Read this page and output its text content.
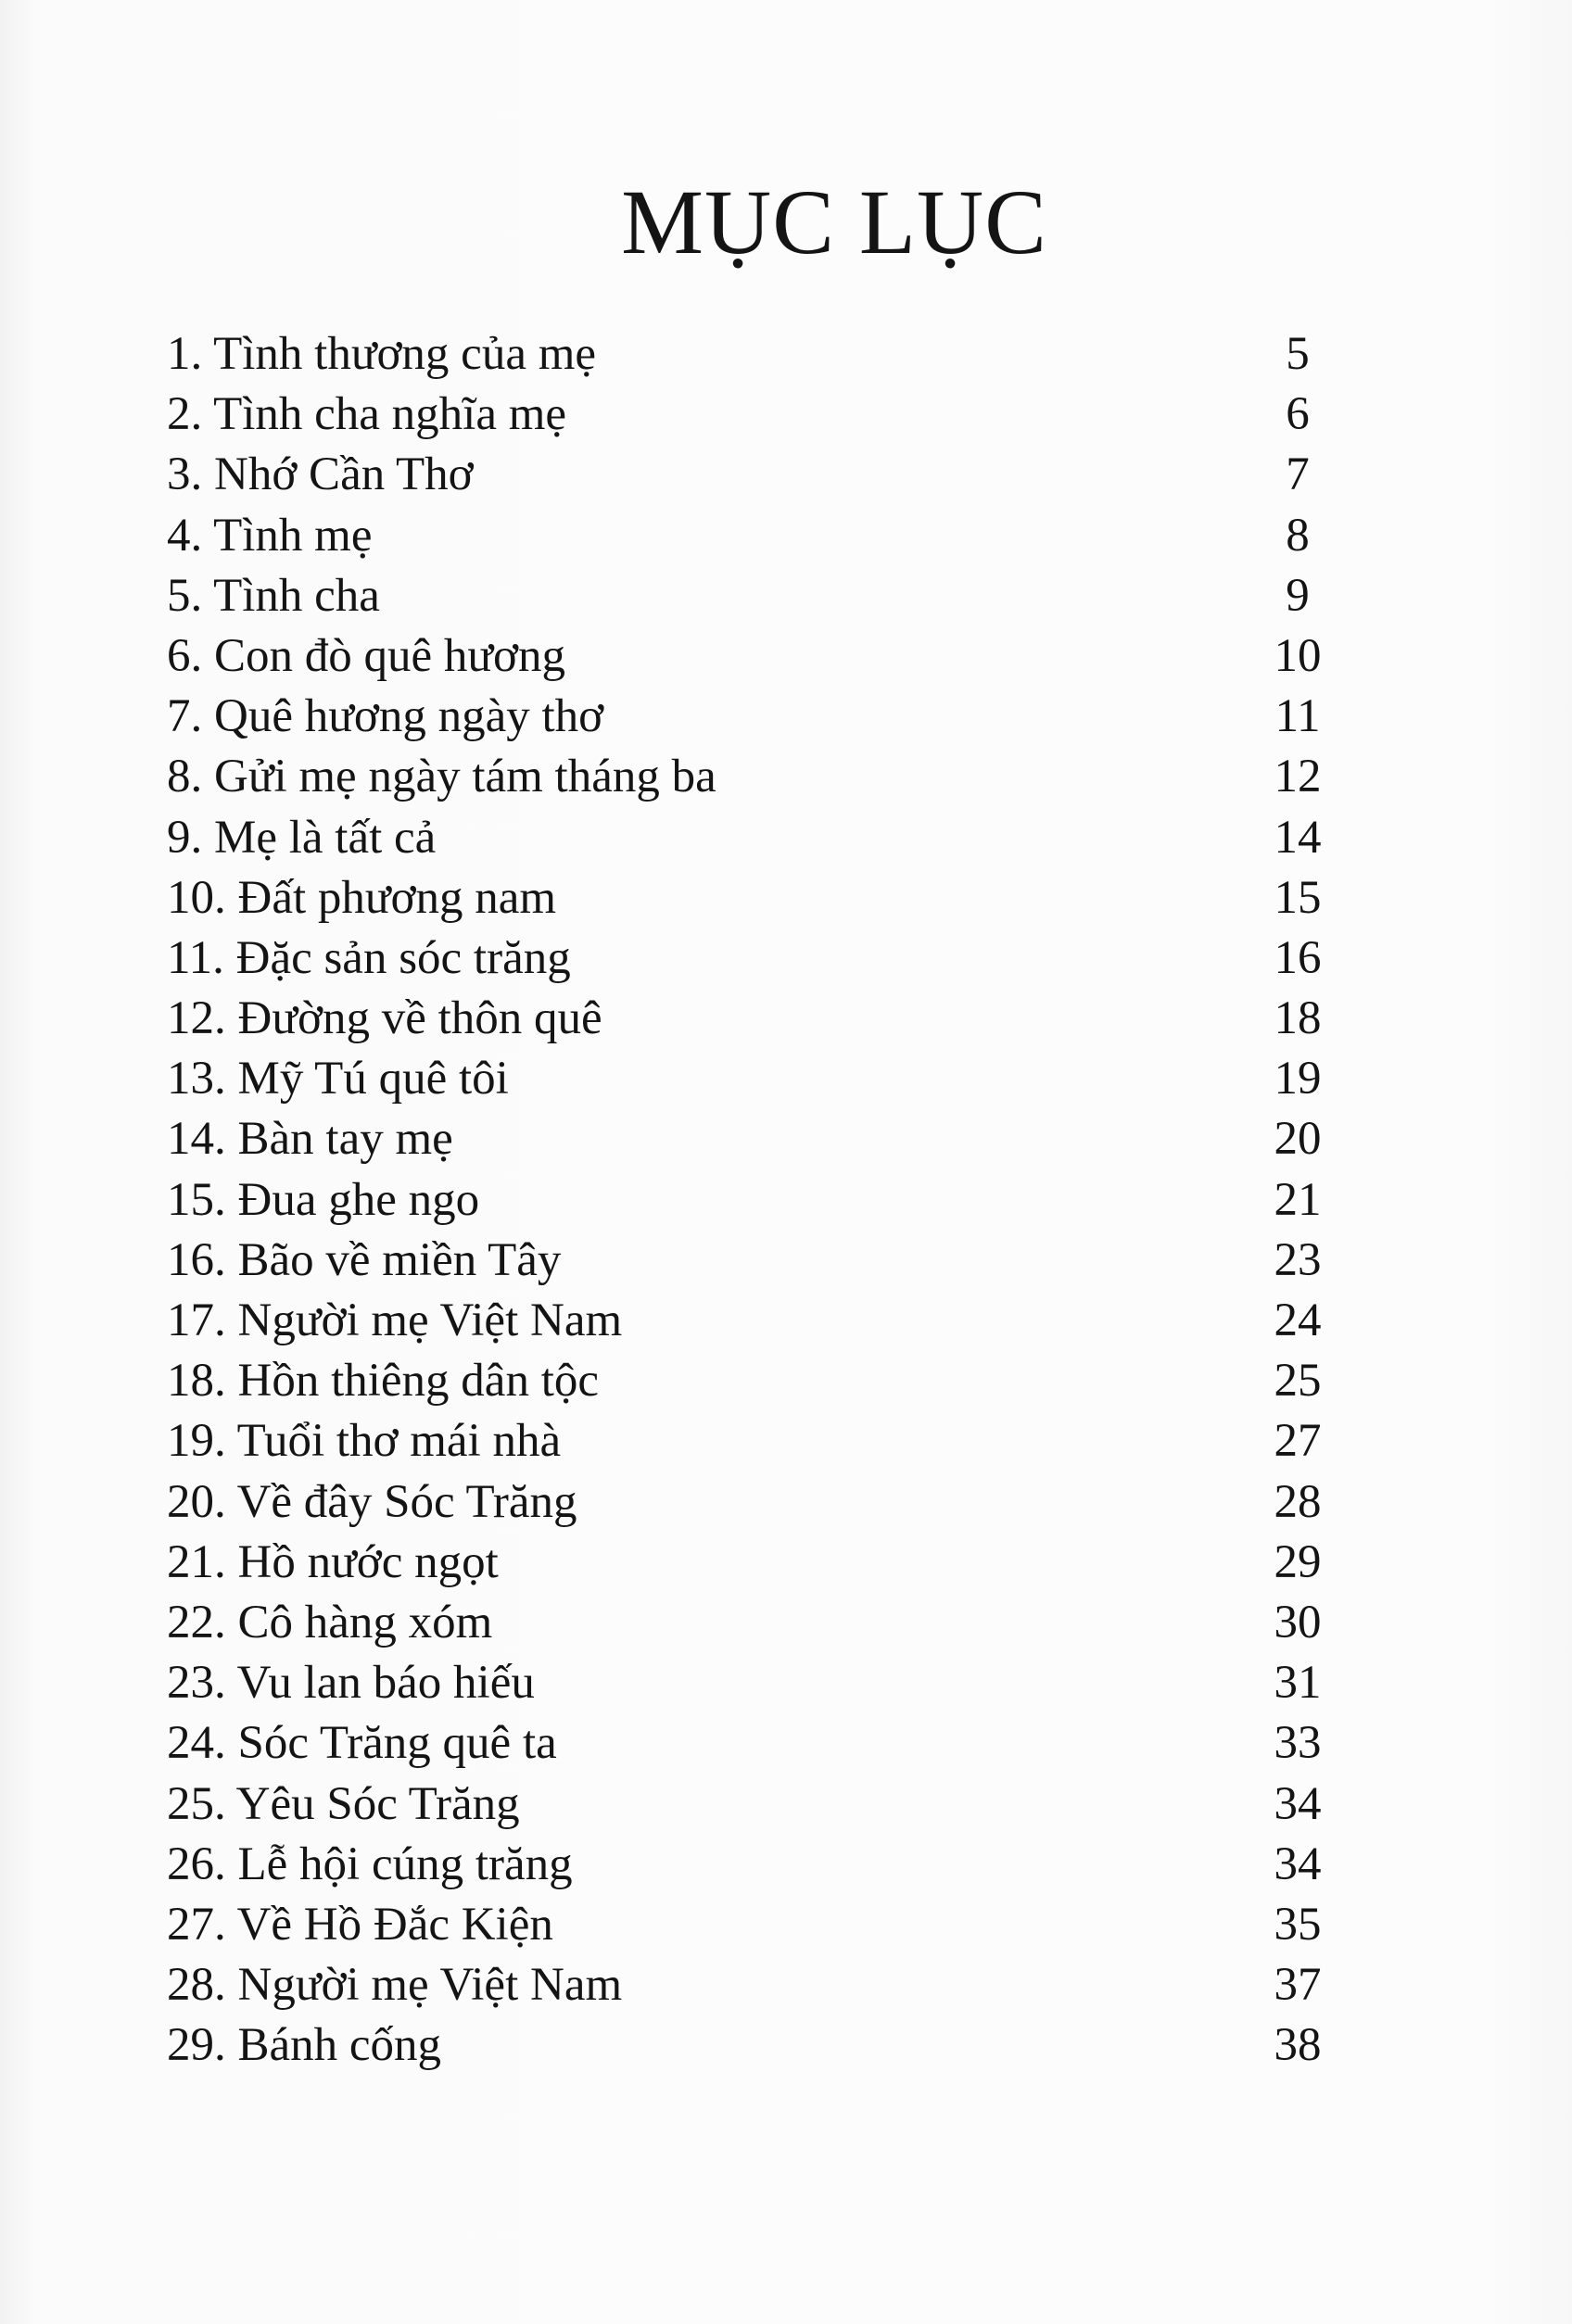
MỤC LỤC
1. Tình thương của mẹ	5
2. Tình cha nghĩa mẹ	6
3. Nhớ Cần Thơ	7
4. Tình mẹ	8
5. Tình cha	9
6. Con đò quê hương	10
7. Quê hương ngày thơ	11
8. Gửi mẹ ngày tám tháng ba	12
9. Mẹ là tất cả	14
10. Đất phương nam	15
11. Đặc sản sóc trăng	16
12. Đường về thôn quê	18
13. Mỹ Tú quê tôi	19
14. Bàn tay mẹ	20
15. Đua ghe ngo	21
16. Bão về miền Tây	23
17. Người mẹ Việt Nam	24
18. Hồn thiêng dân tộc	25
19. Tuổi thơ mái nhà	27
20. Về đây Sóc Trăng	28
21. Hồ nước ngọt	29
22. Cô hàng xóm	30
23. Vu lan báo hiếu	31
24. Sóc Trăng quê ta	33
25. Yêu Sóc Trăng	34
26. Lễ hội cúng trăng	34
27. Về Hồ Đắc Kiện	35
28. Người mẹ Việt Nam	37
29. Bánh cống	38
